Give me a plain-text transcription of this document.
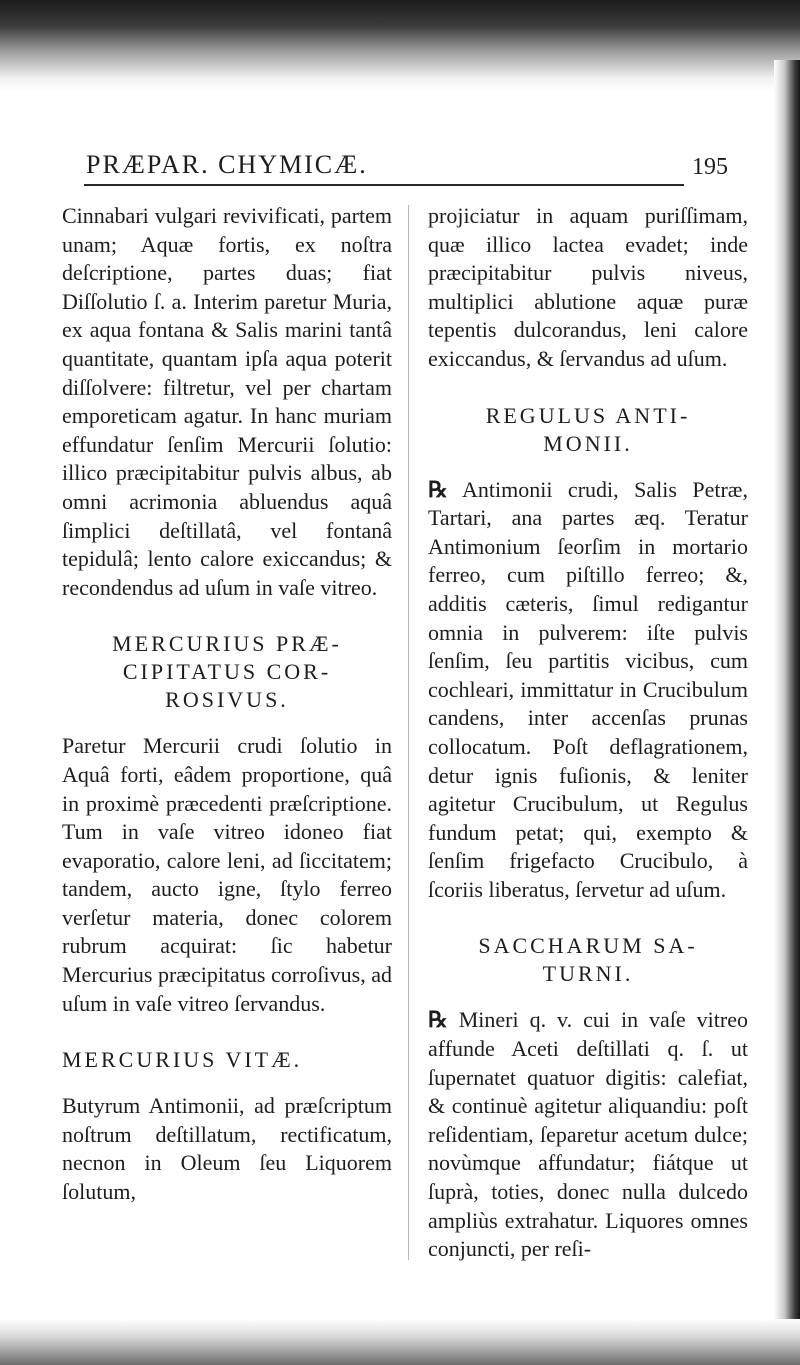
PRÆPAR. CHYMICÆ.	195

Cinnabari vulgari revivificati, partem unam; Aquæ fortis, ex noſtra deſcriptione, partes duas; fiat Diſſolutio ſ. a. Interim paretur Muria, ex aqua fontana & Salis marini tantâ quantitate, quantam ipſa aqua poterit diſſolvere: filtretur, vel per chartam emporeticam agatur. In hanc muriam effundatur ſenſim Mercurii ſolutio: illico præcipitabitur pulvis albus, ab omni acrimonia abluendus aquâ ſimplici deſtillatâ, vel fontanâ tepidulâ; lento calore exiccandus; & recondendus ad uſum in vaſe vitreo.

MERCURIUS PRÆ-
CIPITATUS COR-
ROSIVUS.

Paretur Mercurii crudi ſolutio in Aquâ forti, eâdem proportione, quâ in proximè præcedenti præſcriptione. Tum in vaſe vitreo idoneo fiat evaporatio, calore leni, ad ſiccitatem; tandem, aucto igne, ſtylo ferreo verſetur materia, donec colorem rubrum acquirat: ſic habetur Mercurius præcipitatus corroſivus, ad uſum in vaſe vitreo ſervandus.

MERCURIUS VITÆ.

Butyrum Antimonii, ad præſcriptum noſtrum deſtillatum, rectificatum, necnon in Oleum ſeu Liquorem ſolutum,

projiciatur in aquam puriſſimam, quæ illico lactea evadet; inde præcipitabitur pulvis niveus, multiplici ablutione aquæ puræ tepentis dulcorandus, leni calore exiccandus, & ſervandus ad uſum.

REGULUS ANTI-
MONII.

℞ Antimonii crudi, Salis Petræ, Tartari, ana partes æq. Teratur Antimonium ſeorſim in mortario ferreo, cum piſtillo ferreo; &, additis cæteris, ſimul redigantur omnia in pulverem: iſte pulvis ſenſim, ſeu partitis vicibus, cum cochleari, immittatur in Crucibulum candens, inter accenſas prunas collocatum. Poſt deflagrationem, detur ignis fuſionis, & leniter agitetur Crucibulum, ut Regulus fundum petat; qui, exempto & ſenſim frigefacto Crucibulo, à ſcoriis liberatus, ſervetur ad uſum.

SACCHARUM SA-
TURNI.

℞ Mineri q. v. cui in vaſe vitreo affunde Aceti deſtillati q. ſ. ut ſupernatet quatuor digitis: calefiat, & continuè agitetur aliquandiu: poſt reſidentiam, ſeparetur acetum dulce; novùmque affundatur; fiátque ut ſuprà, toties, donec nulla dulcedo ampliùs extrahatur. Liquores omnes conjuncti, per reſi-
